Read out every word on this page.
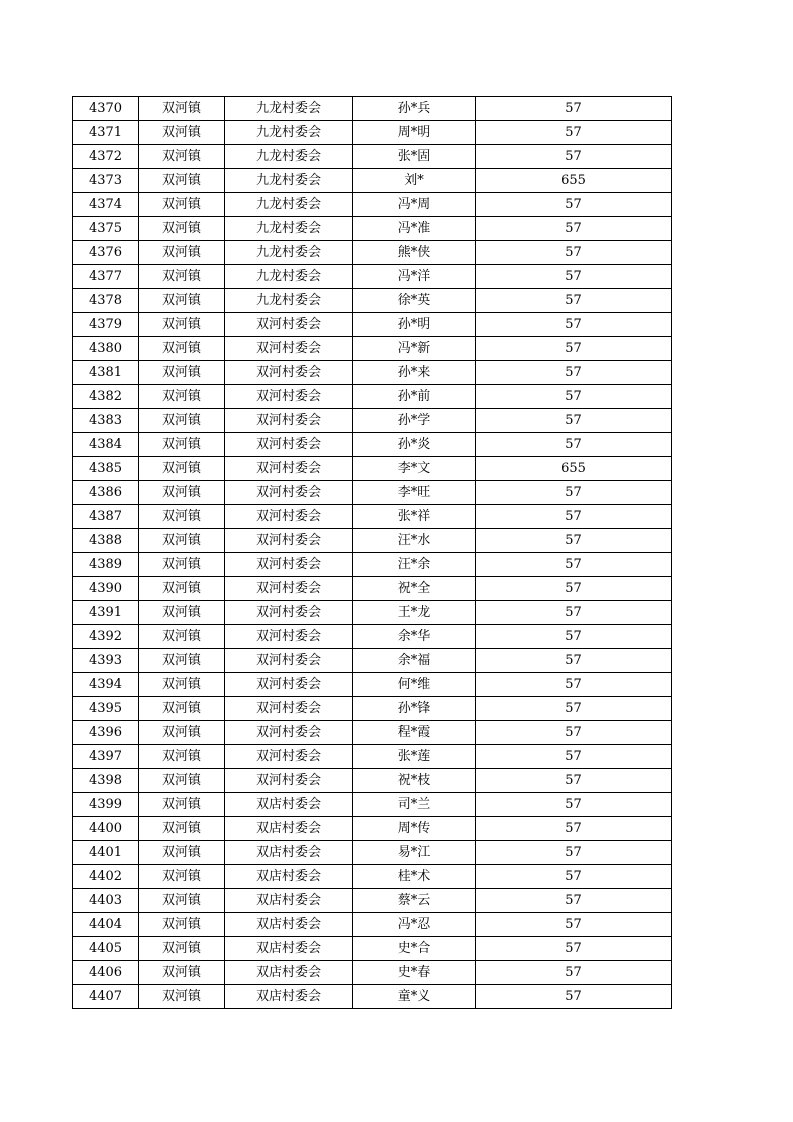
4370	双河镇	九龙村委会	孙*兵	57
4371	双河镇	九龙村委会	周*明	57
4372	双河镇	九龙村委会	张*固	57
4373	双河镇	九龙村委会	刘*	655
4374	双河镇	九龙村委会	冯*周	57
4375	双河镇	九龙村委会	冯*准	57
4376	双河镇	九龙村委会	熊*侠	57
4377	双河镇	九龙村委会	冯*洋	57
4378	双河镇	九龙村委会	徐*英	57
4379	双河镇	双河村委会	孙*明	57
4380	双河镇	双河村委会	冯*新	57
4381	双河镇	双河村委会	孙*来	57
4382	双河镇	双河村委会	孙*前	57
4383	双河镇	双河村委会	孙*学	57
4384	双河镇	双河村委会	孙*炎	57
4385	双河镇	双河村委会	李*文	655
4386	双河镇	双河村委会	李*旺	57
4387	双河镇	双河村委会	张*祥	57
4388	双河镇	双河村委会	汪*水	57
4389	双河镇	双河村委会	汪*余	57
4390	双河镇	双河村委会	祝*全	57
4391	双河镇	双河村委会	王*龙	57
4392	双河镇	双河村委会	余*华	57
4393	双河镇	双河村委会	余*福	57
4394	双河镇	双河村委会	何*维	57
4395	双河镇	双河村委会	孙*锋	57
4396	双河镇	双河村委会	程*霞	57
4397	双河镇	双河村委会	张*莲	57
4398	双河镇	双河村委会	祝*枝	57
4399	双河镇	双店村委会	司*兰	57
4400	双河镇	双店村委会	周*传	57
4401	双河镇	双店村委会	易*江	57
4402	双河镇	双店村委会	桂*术	57
4403	双河镇	双店村委会	蔡*云	57
4404	双河镇	双店村委会	冯*忍	57
4405	双河镇	双店村委会	史*合	57
4406	双河镇	双店村委会	史*春	57
4407	双河镇	双店村委会	童*义	57
